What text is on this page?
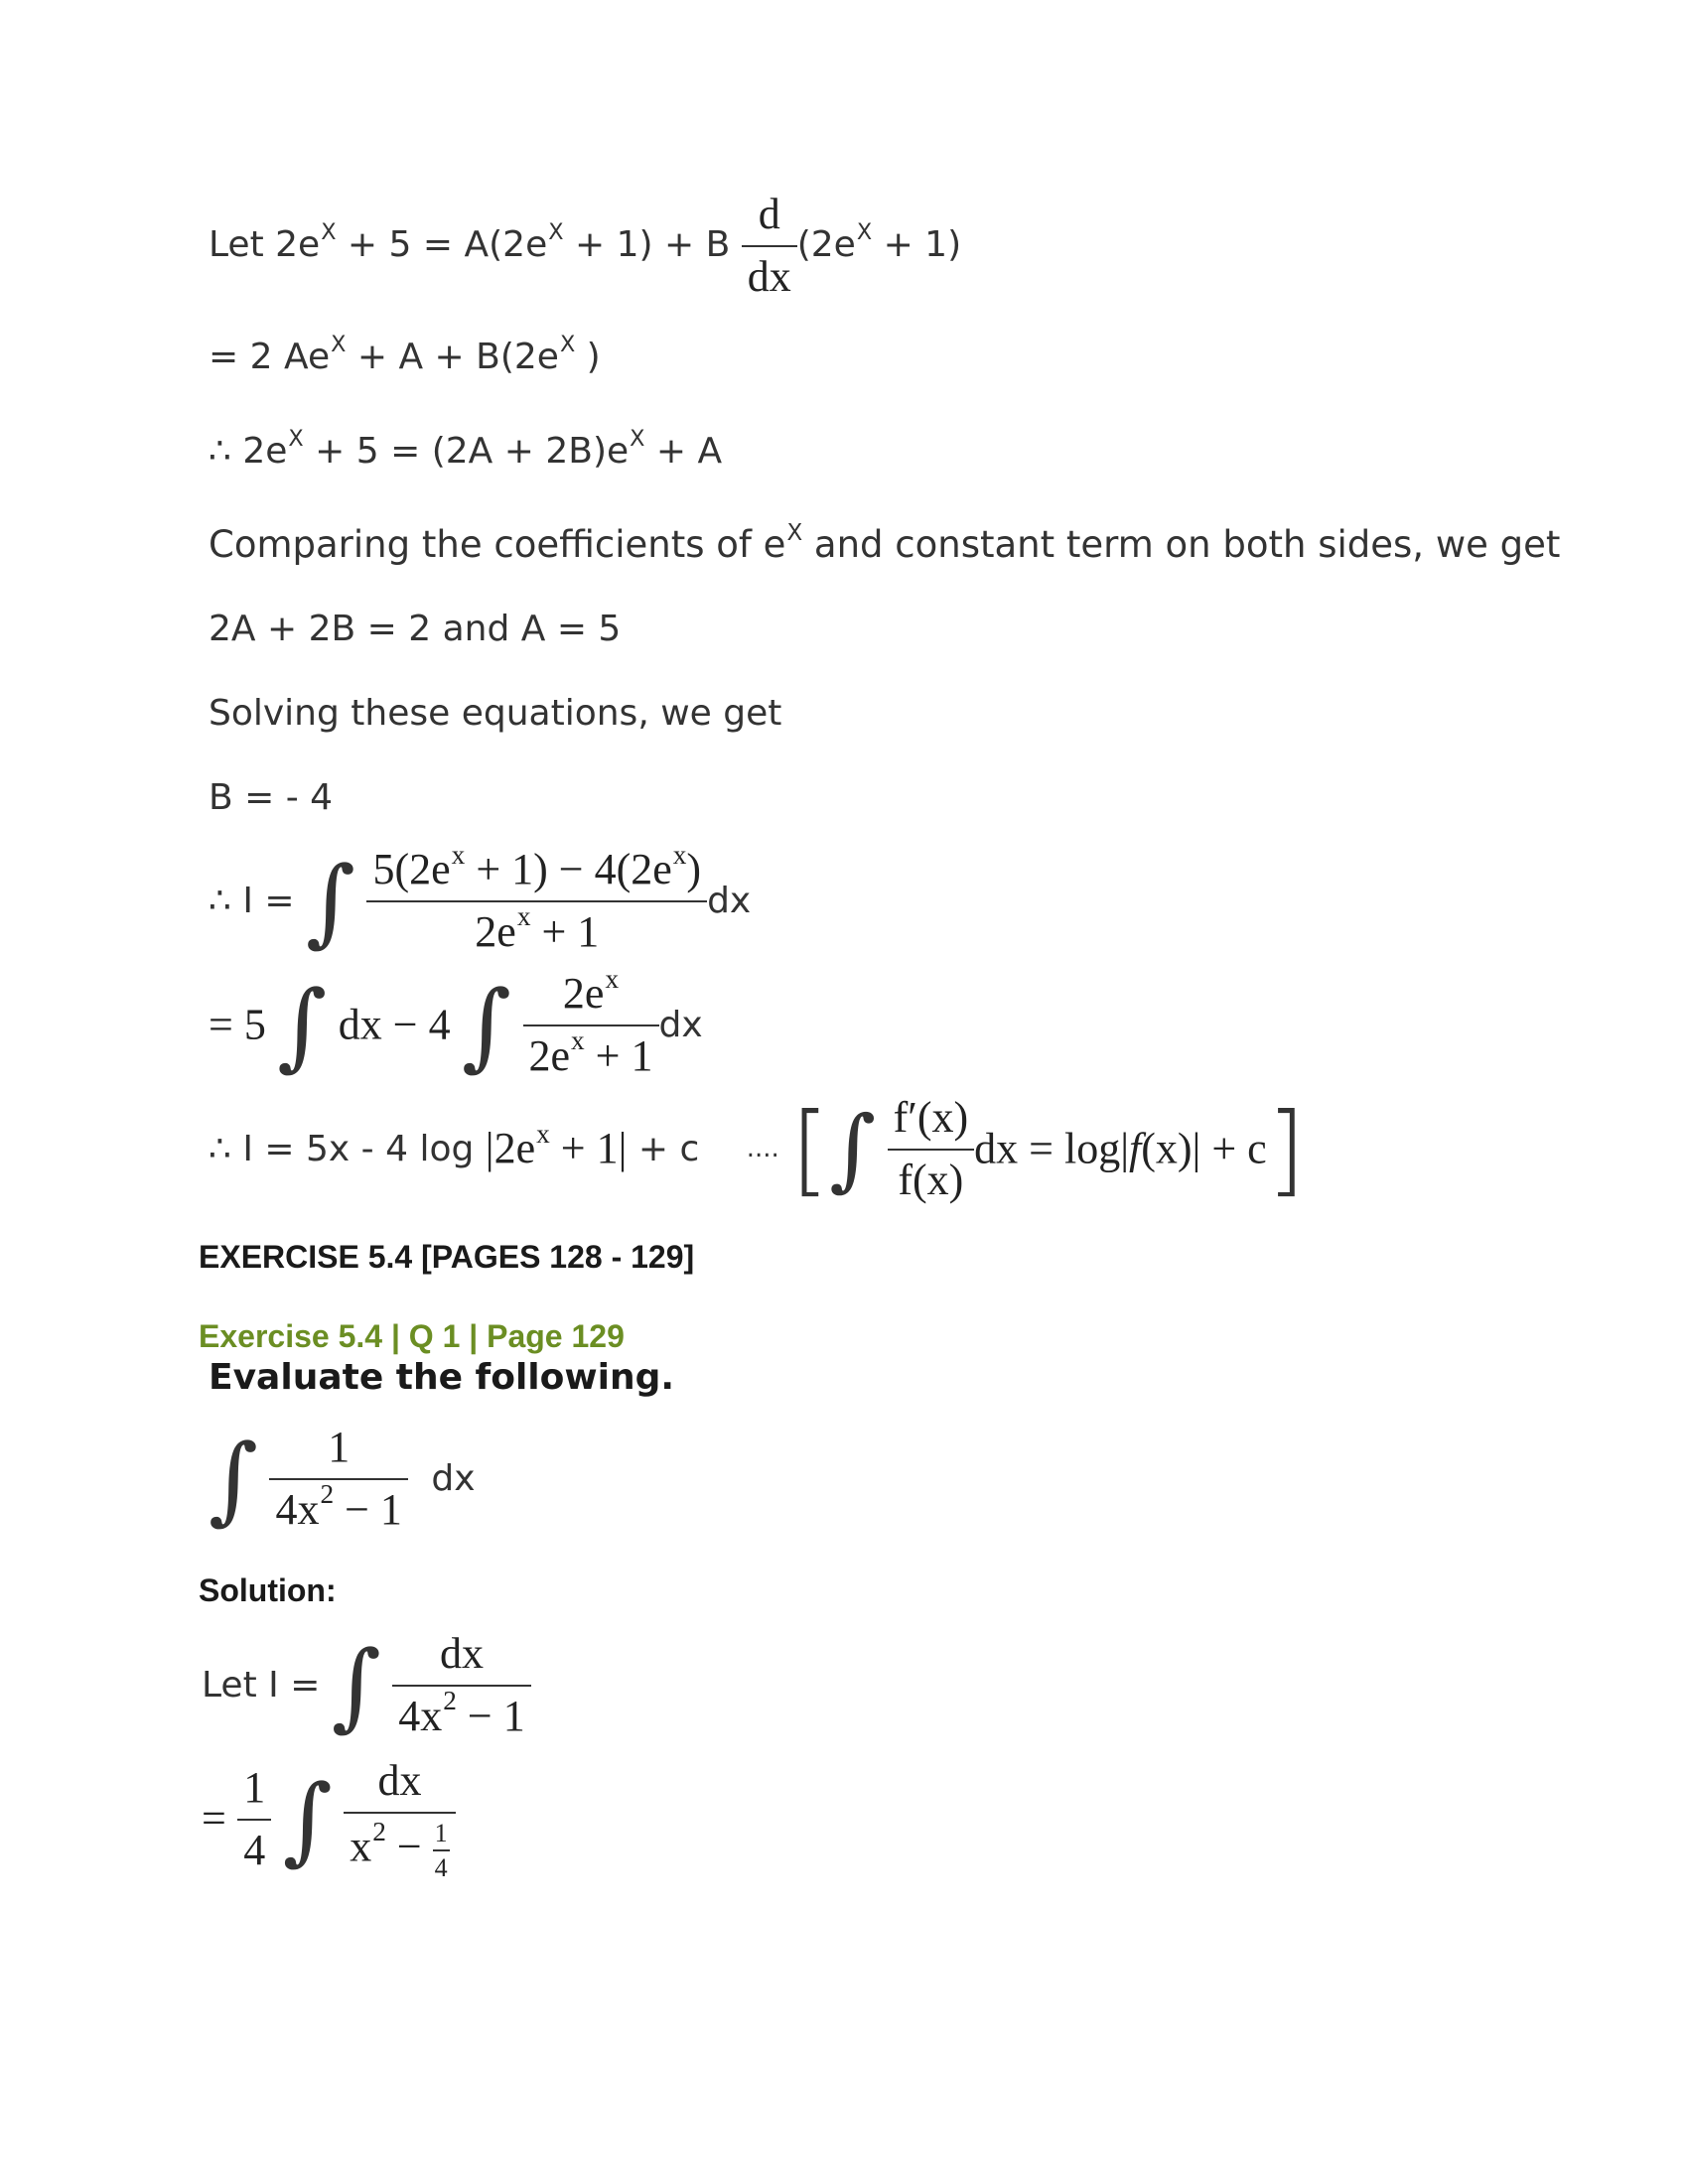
Let $2e^X + 5 = A(2e^X + 1) + B \frac{d}{dx} (2e^X + 1)$
= 2 $Ae^X + A + B(2e^X$ )
∴ $2e^X + 5 = (2A + 2B)e^X + A$
Comparing the coefficients of $e^X$ and constant term on both sides, we get
2A + 2B = 2 and A = 5
Solving these equations, we get
B = - 4
∴ I = ∫ $\frac{5(2e^x + 1) - 4(2e^x)}{2e^x + 1}$ dx
= 5 ∫ dx − 4 ∫ $\frac{2e^x}{2e^x + 1}$ dx
∴ I = 5x - 4 $\log |2e^x + 1| + c$ .... [∫ $\frac{f'(x)}{f(x)}$ dx = log|f(x)| + c]
EXERCISE 5.4 [PAGES 128 - 129]
Exercise 5.4 | Q 1 | Page 129
Evaluate the following.
∫ $\frac{1}{4x^2 - 1}$ dx
Solution:
Let I = ∫ $\frac{dx}{4x^2 - 1}$
= $\frac{1}{4}$ ∫ $\frac{dx}{x^2 - \frac{1}{4}}$
